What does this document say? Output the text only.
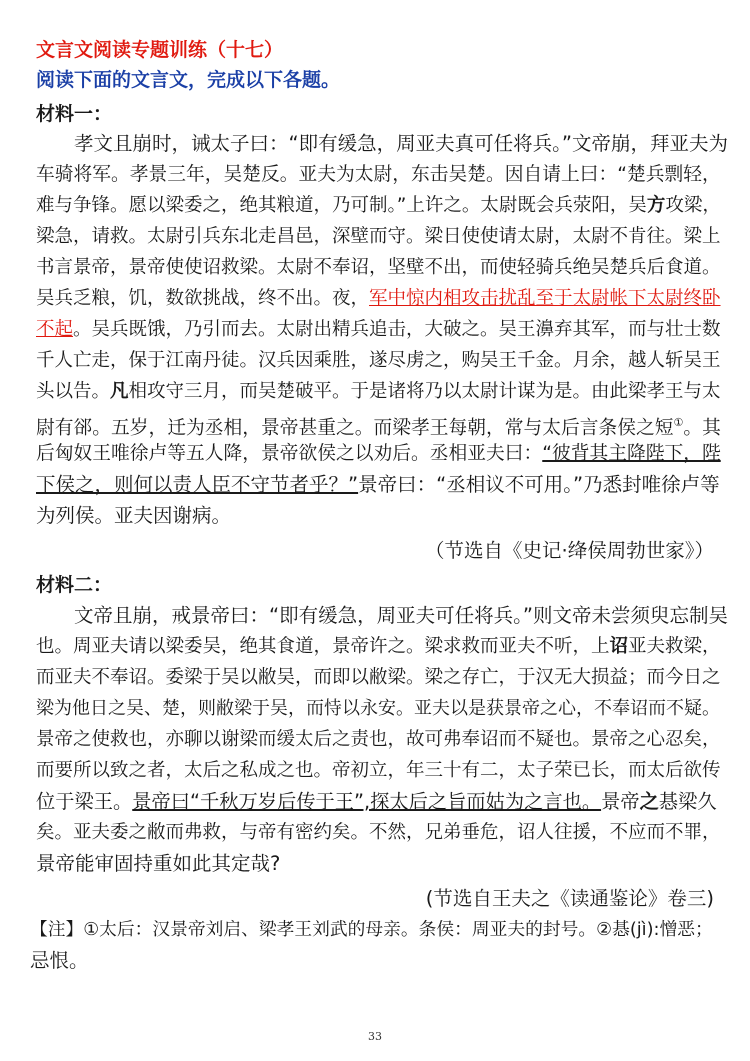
文言文阅读专题训练（十七）
阅读下面的文言文，完成以下各题。
材料一：
孝文且崩时，诫太子曰：“即有缓急，周亚夫真可任将兵。”文帝崩，拜亚夫为
车骑将军。孝景三年，吴楚反。亚夫为太尉，东击吴楚。因自请上曰：“楚兵剽轻，
难与争锋。愿以梁委之，绝其粮道，乃可制。”上许之。太尉既会兵荥阳，吴方攻梁，
梁急，请救。太尉引兵东北走昌邑，深壁而守。梁日使使请太尉，太尉不肯往。梁上
书言景帝，景帝使使诏救梁。太尉不奉诏，坚壁不出，而使轻骑兵绝吴楚兵后食道。
吴兵乏粮，饥，数欲挑战，终不出。夜，军中惊内相攻击扰乱至于太尉帐下太尉终卧
不起。吴兵既饿，乃引而去。太尉出精兵追击，大破之。吴王濞弃其军，而与壮士数
千人亡走，保于江南丹徒。汉兵因乘胜，遂尽虏之，购吴王千金。月余，越人斩吴王
头以告。凡相攻守三月，而吴楚破平。于是诸将乃以太尉计谋为是。由此梁孝王与太
尉有郤。五岁，迁为丞相，景帝甚重之。而梁孝王每朝，常与太后言条侯之短①。其
后匈奴王唯徐卢等五人降，景帝欲侯之以劝后。丞相亚夫曰：“彼背其主降陛下，陛
下侯之，则何以责人臣不守节者乎？”景帝曰：“丞相议不可用。”乃悉封唯徐卢等
为列侯。亚夫因谢病。
（节选自《史记·绛侯周勃世家》）
材料二：
文帝且崩，戒景帝曰：“即有缓急，周亚夫可任将兵。”则文帝未尝须臾忘制吴
也。周亚夫请以梁委吴，绝其食道，景帝许之。梁求救而亚夫不听，上诏亚夫救梁，
而亚夫不奉诏。委梁于吴以敝吴，而即以敝梁。梁之存亡，于汉无大损益；而今日之
梁为他日之吴、楚，则敝梁于吴，而恃以永安。亚夫以是获景帝之心，不奉诏而不疑。
景帝之使救也，亦聊以谢梁而缓太后之责也，故可弗奉诏而不疑也。景帝之心忍矣，
而要所以致之者，太后之私成之也。帝初立，年三十有二，太子荣已长，而太后欲传
位于梁王。景帝曰“千秋万岁后传于王”,探太后之旨而姑为之言也。景帝之惎梁久
矣。亚夫委之敝而弗救，与帝有密约矣。不然，兄弟垂危，诏人往援，不应而不罪，
景帝能审固持重如此其定哉?
(节选自王夫之《读通鉴论》卷三)
【注】①太后：汉景帝刘启、梁孝王刘武的母亲。条侯：周亚夫的封号。②惎(jì):憎恶；
忌恨。
33
